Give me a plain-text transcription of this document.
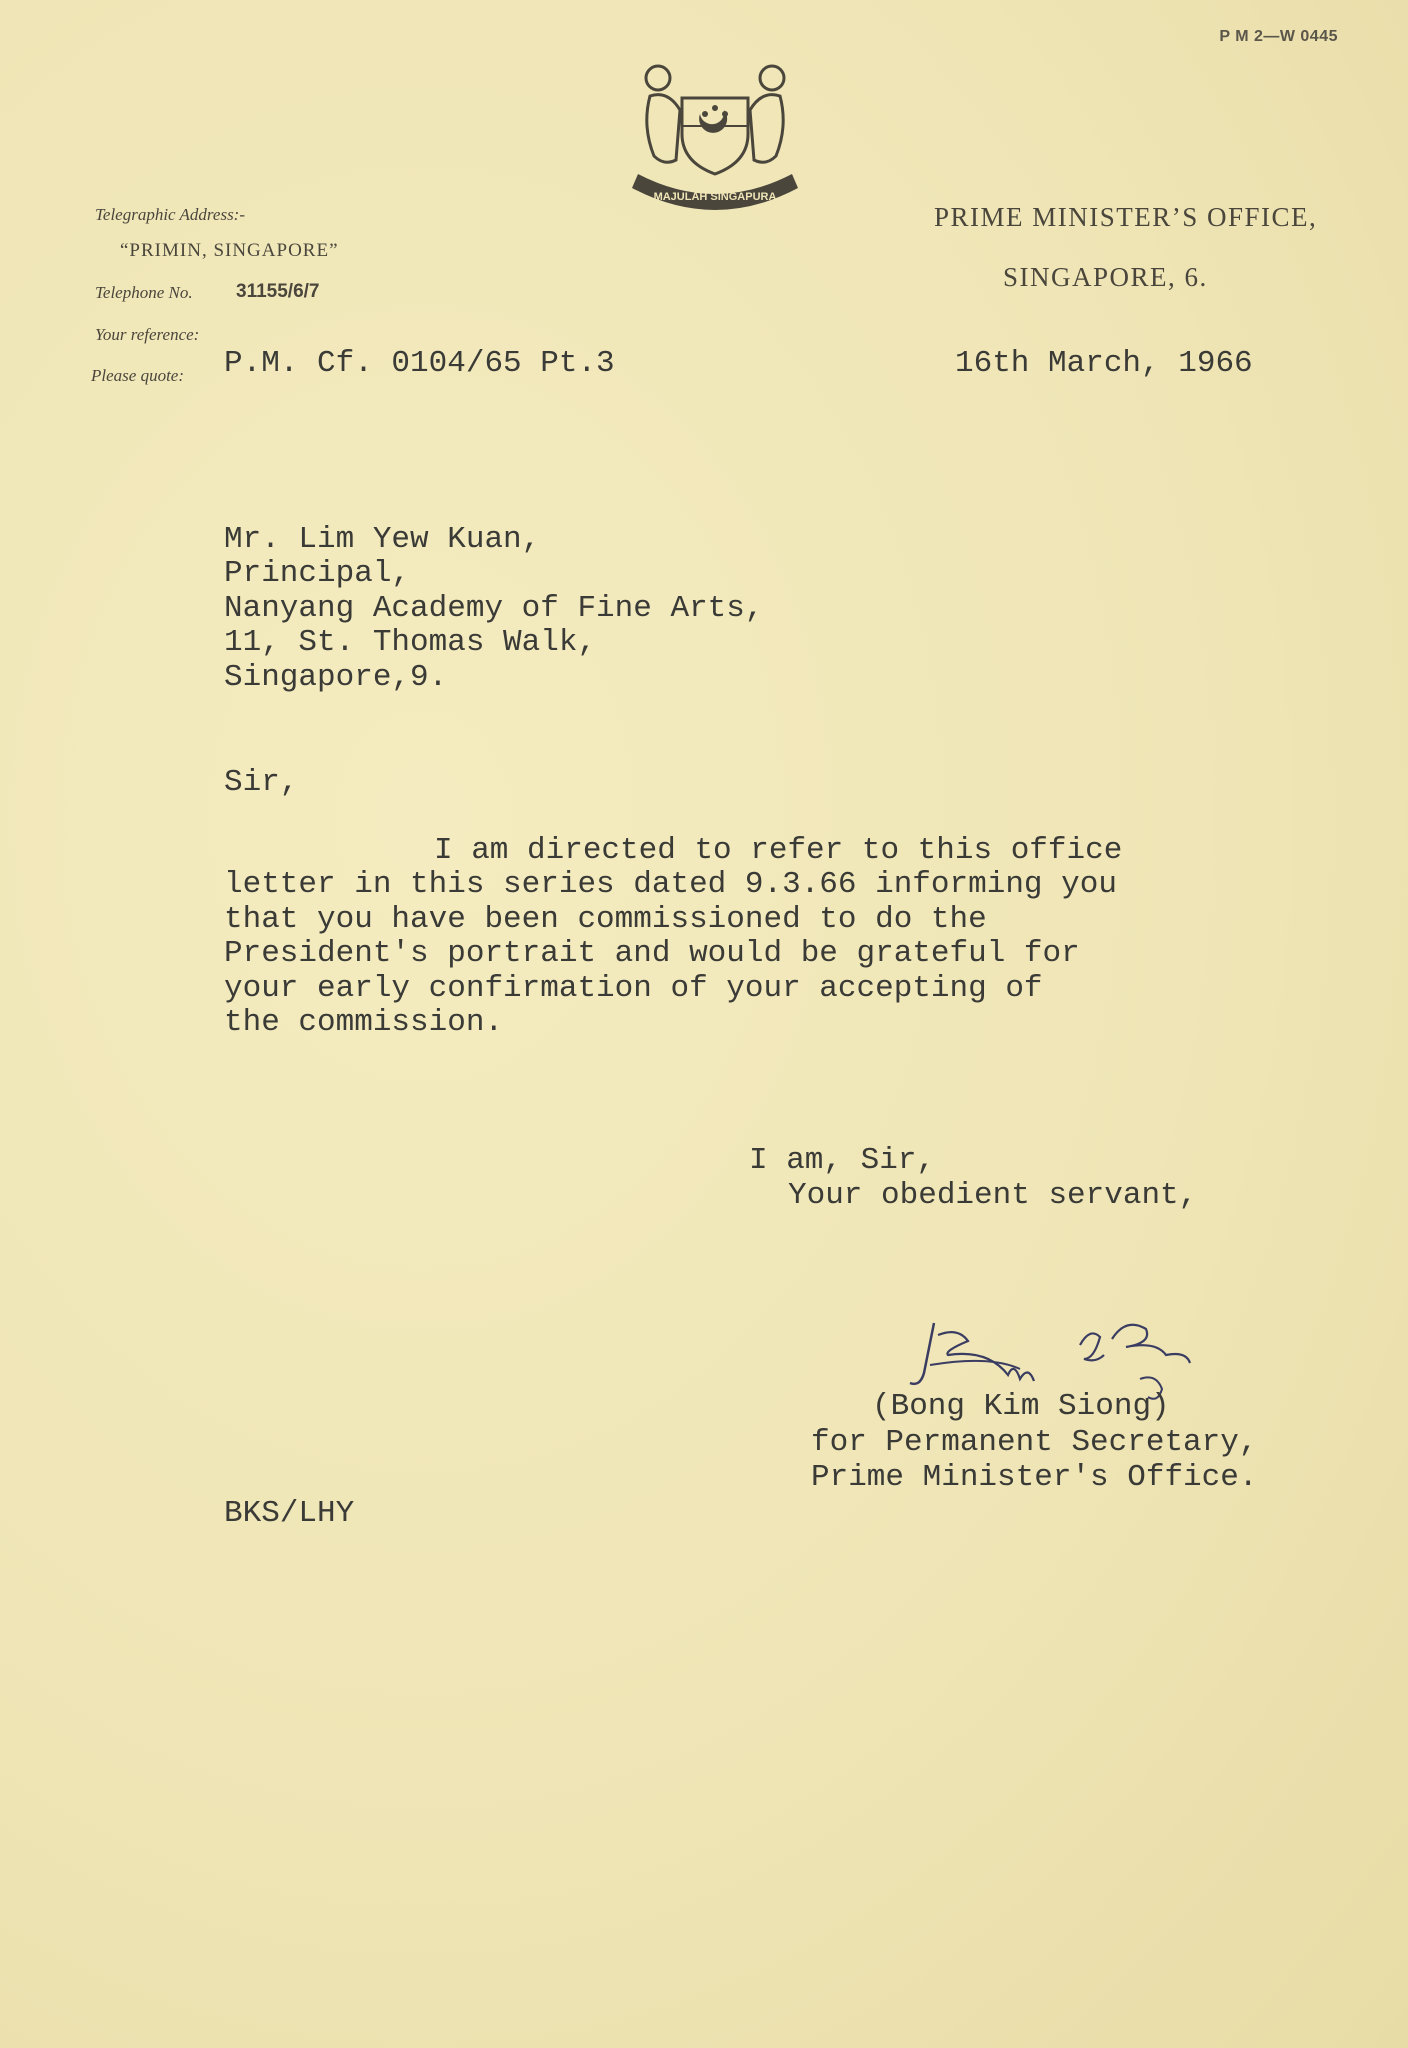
P M 2—W 0445
MAJULAH SINGAPURA
Telegraphic Address:-
“PRIMIN, SINGAPORE”
Telephone No. 31155/6/7
Your reference:
Please quote:
PRIME MINISTER’S OFFICE,
SINGAPORE, 6.
P.M. Cf. 0104/65 Pt.3	16th March, 1966
Mr. Lim Yew Kuan,
Principal,
Nanyang Academy of Fine Arts,
11, St. Thomas Walk,
Singapore,9.
Sir,
I am directed to refer to this office
letter in this series dated 9.3.66 informing you
that you have been commissioned to do the
President's portrait and would be grateful for
your early confirmation of your accepting of
the commission.
I am, Sir,
Your obedient servant,
(Bong Kim Siong)
for Permanent Secretary,
Prime Minister's Office.
BKS/LHY
